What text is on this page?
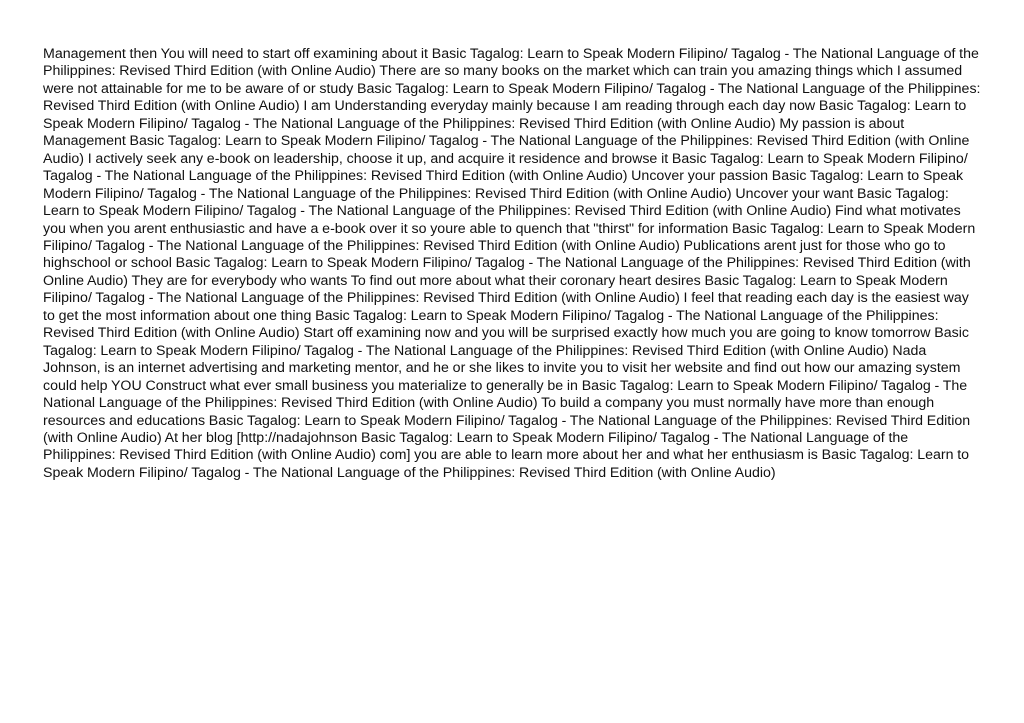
Management then You will need to start off examining about it Basic Tagalog: Learn to Speak Modern Filipino/ Tagalog - The National Language of the Philippines: Revised Third Edition (with Online Audio) There are so many books on the market which can train you amazing things which I assumed were not attainable for me to be aware of or study Basic Tagalog: Learn to Speak Modern Filipino/ Tagalog - The National Language of the Philippines: Revised Third Edition (with Online Audio) I am Understanding everyday mainly because I am reading through each day now Basic Tagalog: Learn to Speak Modern Filipino/ Tagalog - The National Language of the Philippines: Revised Third Edition (with Online Audio) My passion is about Management Basic Tagalog: Learn to Speak Modern Filipino/ Tagalog - The National Language of the Philippines: Revised Third Edition (with Online Audio) I actively seek any e-book on leadership, choose it up, and acquire it residence and browse it Basic Tagalog: Learn to Speak Modern Filipino/ Tagalog - The National Language of the Philippines: Revised Third Edition (with Online Audio) Uncover your passion Basic Tagalog: Learn to Speak Modern Filipino/ Tagalog - The National Language of the Philippines: Revised Third Edition (with Online Audio) Uncover your want Basic Tagalog: Learn to Speak Modern Filipino/ Tagalog - The National Language of the Philippines: Revised Third Edition (with Online Audio) Find what motivates you when you arent enthusiastic and have a e-book over it so youre able to quench that "thirst" for information Basic Tagalog: Learn to Speak Modern Filipino/ Tagalog - The National Language of the Philippines: Revised Third Edition (with Online Audio) Publications arent just for those who go to highschool or school Basic Tagalog: Learn to Speak Modern Filipino/ Tagalog - The National Language of the Philippines: Revised Third Edition (with Online Audio) They are for everybody who wants To find out more about what their coronary heart desires Basic Tagalog: Learn to Speak Modern Filipino/ Tagalog - The National Language of the Philippines: Revised Third Edition (with Online Audio) I feel that reading each day is the easiest way to get the most information about one thing Basic Tagalog: Learn to Speak Modern Filipino/ Tagalog - The National Language of the Philippines: Revised Third Edition (with Online Audio) Start off examining now and you will be surprised exactly how much you are going to know tomorrow Basic Tagalog: Learn to Speak Modern Filipino/ Tagalog - The National Language of the Philippines: Revised Third Edition (with Online Audio) Nada Johnson, is an internet advertising and marketing mentor, and he or she likes to invite you to visit her website and find out how our amazing system could help YOU Construct what ever small business you materialize to generally be in Basic Tagalog: Learn to Speak Modern Filipino/ Tagalog - The National Language of the Philippines: Revised Third Edition (with Online Audio) To build a company you must normally have more than enough resources and educations Basic Tagalog: Learn to Speak Modern Filipino/ Tagalog - The National Language of the Philippines: Revised Third Edition (with Online Audio) At her blog [http://nadajohnson Basic Tagalog: Learn to Speak Modern Filipino/ Tagalog - The National Language of the Philippines: Revised Third Edition (with Online Audio) com] you are able to learn more about her and what her enthusiasm is Basic Tagalog: Learn to Speak Modern Filipino/ Tagalog - The National Language of the Philippines: Revised Third Edition (with Online Audio)
